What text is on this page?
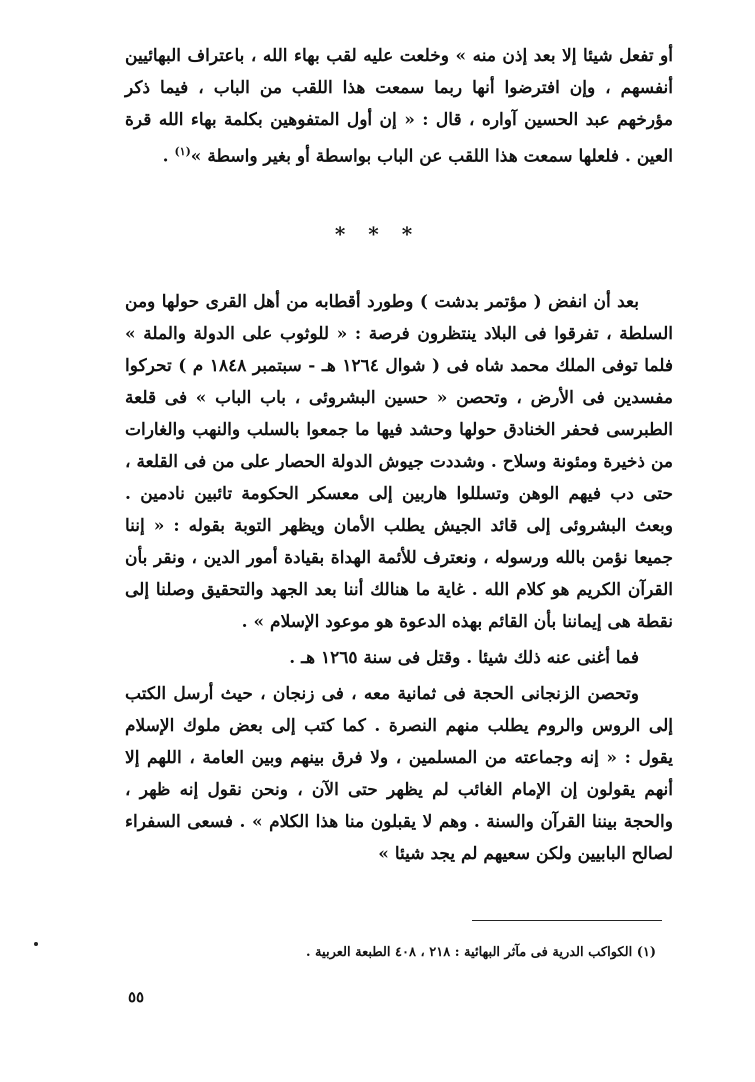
أو تفعل شيئا إلا بعد إذن منه » وخلعت عليه لقب بهاء الله ، باعتراف البهائيين أنفسهم ، وإن افترضوا أنها ربما سمعت هذا اللقب من الباب ، فيما ذكر مؤرخهم عبد الحسين آواره ، قال : « إن أول المتفوهين بكلمة بهاء الله قرة العين . فلعلها سمعت هذا اللقب عن الباب بواسطة أو بغير واسطة »$^{(١)}$ .

* * *

بعد أن انفض ( مؤتمر بدشت ) وطورد أقطابه من أهل القرى حولها ومن السلطة ، تفرقوا فى البلاد ينتظرون فرصة : « للوثوب على الدولة والملة » فلما توفى الملك محمد شاه فى ( شوال ١٢٦٤ هـ - سبتمبر ١٨٤٨ م ) تحركوا مفسدين فى الأرض ، وتحصن « حسين البشروئى ، باب الباب » فى قلعة الطبرسى فحفر الخنادق حولها وحشد فيها ما جمعوا بالسلب والنهب والغارات من ذخيرة ومئونة وسلاح . وشددت جيوش الدولة الحصار على من فى القلعة ، حتى دب فيهم الوهن وتسللوا هاربين إلى معسكر الحكومة تائبين نادمين . وبعث البشروئى إلى قائد الجيش يطلب الأمان ويظهر التوبة بقوله : « إننا جميعا نؤمن بالله ورسوله ، ونعترف للأئمة الهداة بقيادة أمور الدين ، ونقر بأن القرآن الكريم هو كلام الله . غاية ما هنالك أننا بعد الجهد والتحقيق وصلنا إلى نقطة هى إيماننا بأن القائم بهذه الدعوة هو موعود الإسلام » .

فما أغنى عنه ذلك شيئا . وقتل فى سنة ١٢٦٥ هـ .

وتحصن الزنجانى الحجة فى ثمانية معه ، فى زنجان ، حيث أرسل الكتب إلى الروس والروم يطلب منهم النصرة . كما كتب إلى بعض ملوك الإسلام يقول : « إنه وجماعته من المسلمين ، ولا فرق بينهم وبين العامة ، اللهم إلا أنهم يقولون إن الإمام الغائب لم يظهر حتى الآن ، ونحن نقول إنه ظهر ، والحجة بيننا القرآن والسنة . وهم لا يقبلون منا هذا الكلام » . فسعى السفراء لصالح البابيين ولكن سعيهم لم يجد شيئا »

(١) الكواكب الدرية فى مآثر البهائية : ٢١٨ ، ٤٠٨ الطبعة العربية .
٥٥
